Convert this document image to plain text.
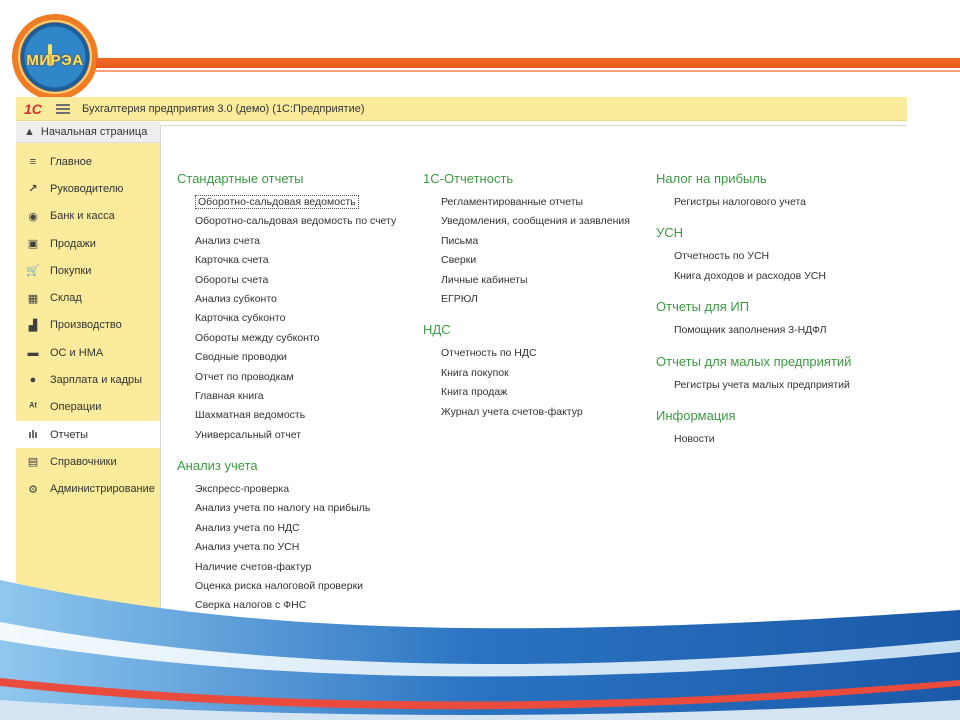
МИРЭА
1С	Бухгалтерия предприятия 3.0 (демо) (1С:Предприятие)
▲ Начальная страница
≡	Главное
↗ Руководителю
◉ Банк и касса
▣ Продажи
🛒 Покупки
▦ Склад
▟ Производство
▬ ОС и НМА
●	Зарплата и кадры
ᴬᵗ Операции
ılı Отчеты
▤ Справочники
⚙ Администрирование
Стандартные отчеты
Оборотно-сальдовая ведомость
Оборотно-сальдовая ведомость по счету
Анализ счета
Карточка счета
Обороты счета
Анализ субконто
Карточка субконто
Обороты между субконто
Сводные проводки
Отчет по проводкам
Главная книга
Шахматная ведомость
Универсальный отчет
Анализ учета
Экспресс-проверка
Анализ учета по налогу на прибыль
Анализ учета по НДС
Анализ учета по УСН
Наличие счетов-фактур
Оценка риска налоговой проверки
Сверка налогов с ФНС
1С-Отчетность
Регламентированные отчеты
Уведомления, сообщения и заявления
Письма
Сверки
Личные кабинеты
ЕГРЮЛ
НДС
Отчетность по НДС
Книга покупок
Книга продаж
Журнал учета счетов-фактур
Налог на прибыль
Регистры налогового учета
УСН
Отчетность по УСН
Книга доходов и расходов УСН
Отчеты для ИП
Помощник заполнения 3-НДФЛ
Отчеты для малых предприятий
Регистры учета малых предприятий
Информация
Новости
